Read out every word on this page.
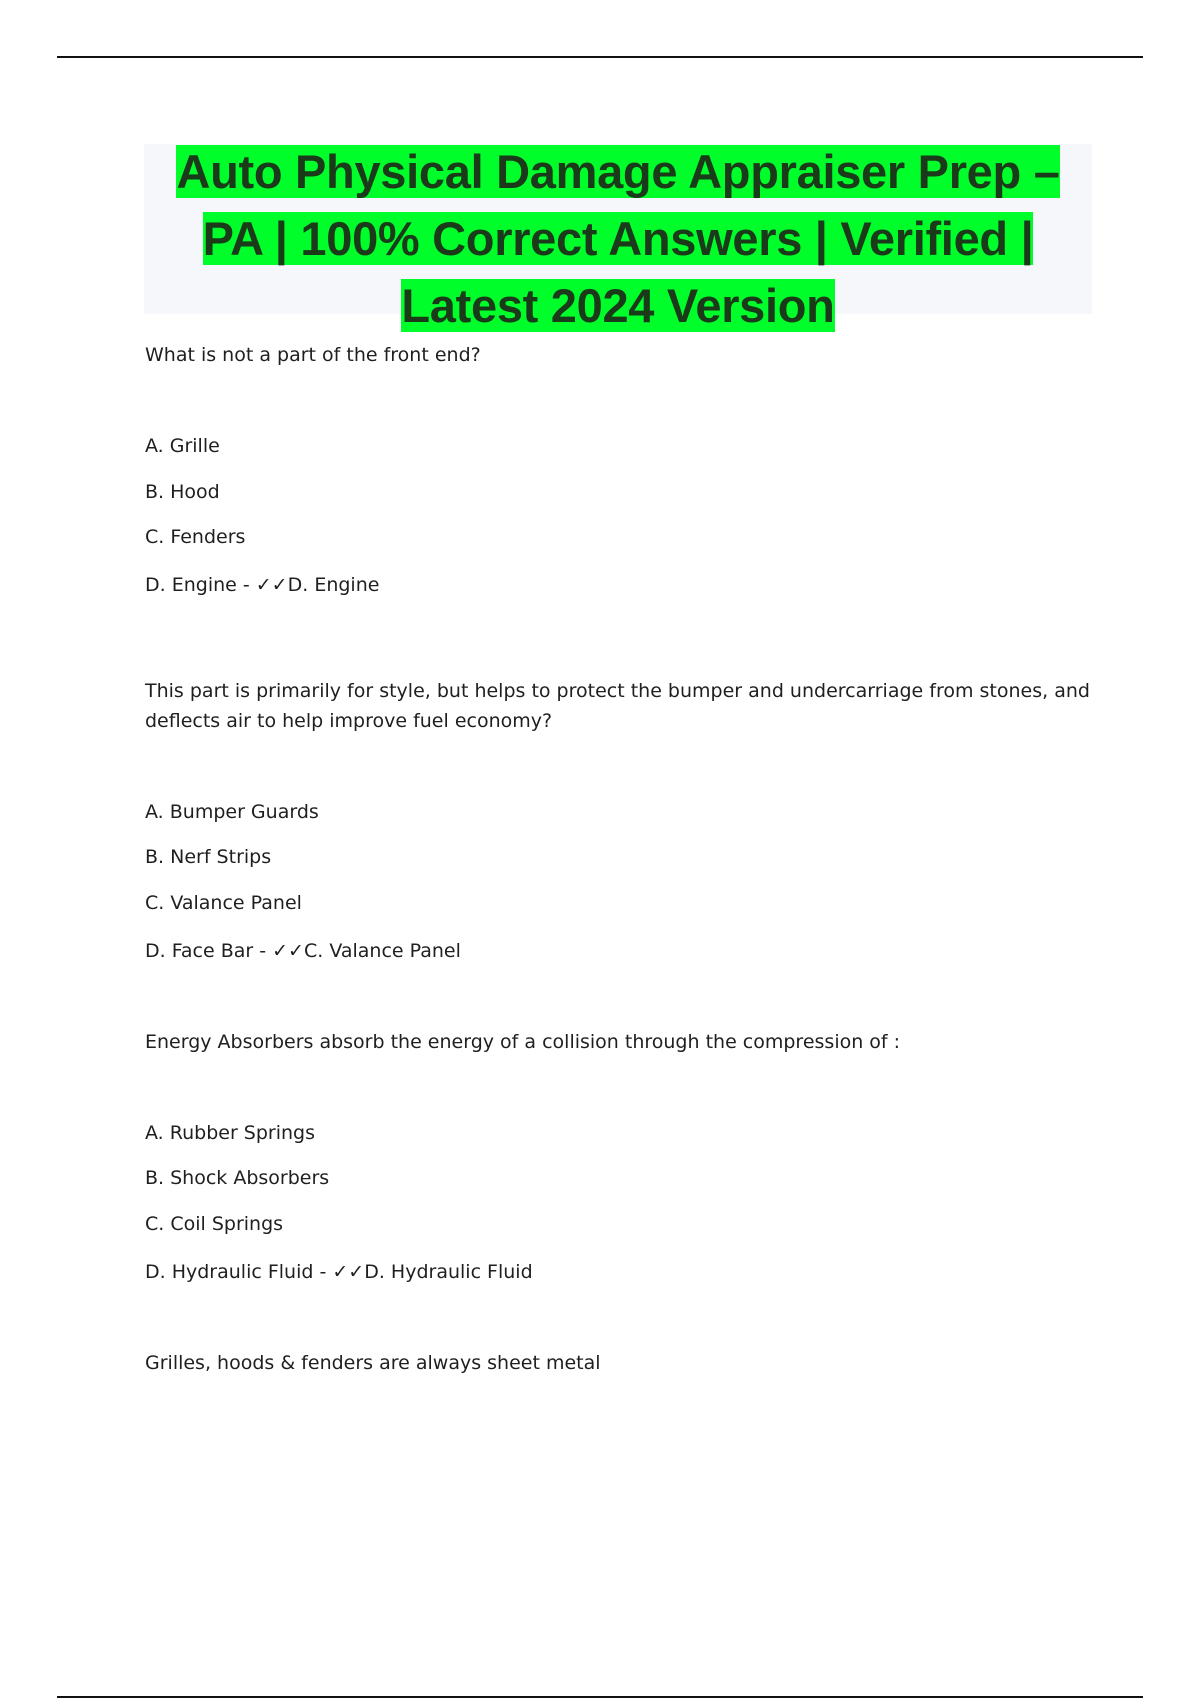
Auto Physical Damage Appraiser Prep –
PA | 100% Correct Answers | Verified |
Latest 2024 Version

What is not a part of the front end?

A. Grille
B. Hood
C. Fenders
D. Engine - ✓✓D. Engine

This part is primarily for style, but helps to protect the bumper and undercarriage from stones, and

deflects air to help improve fuel economy?

A. Bumper Guards
B. Nerf Strips
C. Valance Panel
D. Face Bar - ✓✓C. Valance Panel

Energy Absorbers absorb the energy of a collision through the compression of :

A. Rubber Springs
B. Shock Absorbers
C. Coil Springs
D. Hydraulic Fluid - ✓✓D. Hydraulic Fluid

Grilles, hoods & fenders are always sheet metal
